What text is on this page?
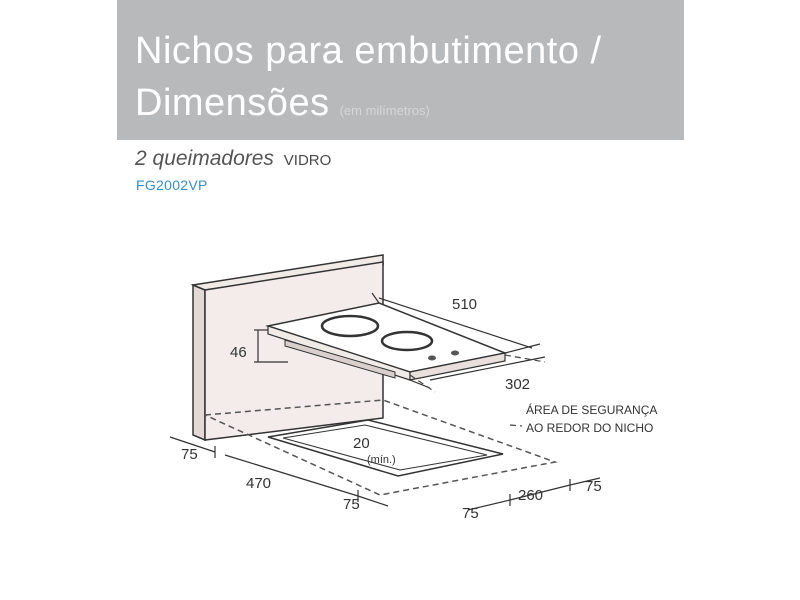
Nichos para embutimento /
Dimensões (em milímetros)
2 queimadores VIDRO
FG2002VP
510
46
302
75
470
75
260
75
75
20
(mín.)
ÁREA DE SEGURANÇA
AO REDOR DO NICHO
